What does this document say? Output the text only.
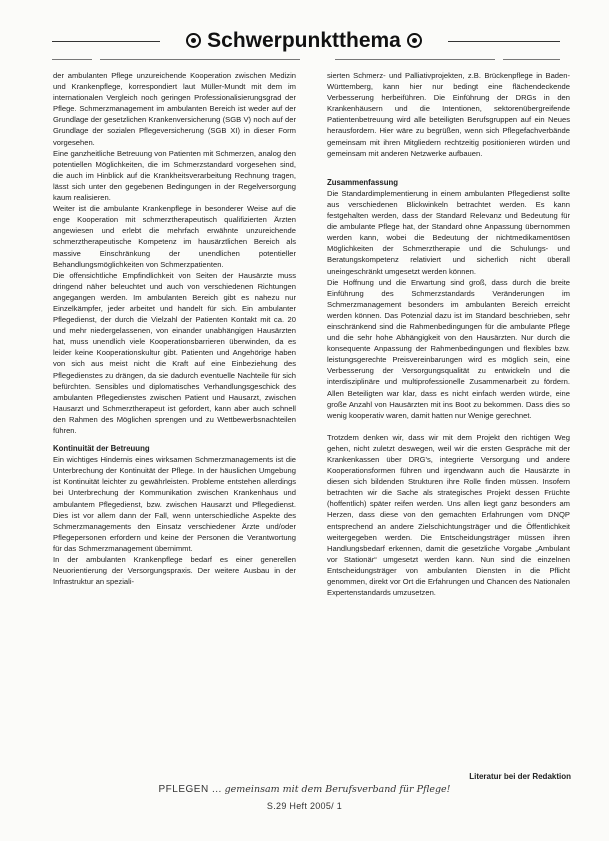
Schwerpunktthema

der ambulanten Pflege unzureichende Kooperation zwischen Medizin und Krankenpflege, korrespondiert laut Müller-Mundt mit dem im internationalen Vergleich noch geringen Professionalisierungsgrad der Pflege. Schmerzmanagement im ambulanten Bereich ist weder auf der Grundlage der gesetzlichen Krankenversicherung (SGB V) noch auf der Grundlage der sozialen Pflegeversicherung (SGB XI) in dieser Form vorgesehen.

Eine ganzheitliche Betreuung von Patienten mit Schmerzen, analog den potentiellen Möglichkeiten, die im Schmerzstandard vorgesehen sind, die auch im Hinblick auf die Krankheitsverarbeitung Rechnung tragen, lässt sich unter den gegebenen Bedingungen in der Regelversorgung kaum realisieren.

Weiter ist die ambulante Krankenpflege in besonderer Weise auf die enge Kooperation mit schmerztherapeutisch qualifizierten Ärzten angewiesen und erlebt die mehrfach erwähnte unzureichende schmerztherapeutische Kompetenz im hausärztlichen Bereich als massive Einschränkung der unendlichen potentieller Behandlungsmöglichkeiten von Schmerzpatienten.

Die offensichtliche Empfindlichkeit von Seiten der Hausärzte muss dringend näher beleuchtet und auch von verschiedenen Richtungen angegangen werden. Im ambulanten Bereich gibt es nahezu nur Einzelkämpfer, jeder arbeitet und handelt für sich. Ein ambulanter Pflegedienst, der durch die Vielzahl der Patienten Kontakt mit ca. 20 und mehr niedergelassenen, von einander unabhängigen Hausärzten hat, muss unendlich viele Kooperationsbarrieren überwinden, da es leider keine Kooperationskultur gibt. Patienten und Angehörige haben von sich aus meist nicht die Kraft auf eine Einbeziehung des Pflegedienstes zu drängen, da sie dadurch eventuelle Nachteile für sich befürchten. Sensibles und diplomatisches Verhandlungsgeschick des ambulanten Pflegedienstes zwischen Patient und Hausarzt, zwischen Hausarzt und Schmerztherapeut ist gefordert, kann aber auch schnell den Rahmen des Möglichen sprengen und zu Wettbewerbsnachteilen führen.

Kontinuität der Betreuung

Ein wichtiges Hindernis eines wirksamen Schmerzmanagements ist die Unterbrechung der Kontinuität der Pflege. In der häuslichen Umgebung ist Kontinuität leichter zu gewährleisten. Probleme entstehen allerdings bei Unterbrechung der Kommunikation zwischen Krankenhaus und ambulantem Pflegedienst, bzw. zwischen Hausarzt und Pflegedienst. Dies ist vor allem dann der Fall, wenn unterschiedliche Aspekte des Schmerzmanagements den Einsatz verschiedener Ärzte und/oder Pflegepersonen erfordern und keine der Personen die Verantwortung für das Schmerzmanagement übernimmt.

In der ambulanten Krankenpflege bedarf es einer generellen Neuorientierung der Versorgungspraxis. Der weitere Ausbau in der Infrastruktur an speziali-

sierten Schmerz- und Palliativprojekten, z.B. Brückenpflege in Baden-Württemberg, kann hier nur bedingt eine flächendeckende Verbesserung herbeiführen. Die Einführung der DRGs in den Krankenhäusern und die Intentionen, sektorenübergreifende Patientenbetreuung wird alle beteiligten Berufsgruppen auf ein Neues herausfordern. Hier wäre zu begrüßen, wenn sich Pflegefachverbände gemeinsam mit ihren Mitgliedern rechtzeitig positionieren würden und gemeinsam mit anderen Netzwerke aufbauen.

Zusammenfassung

Die Standardimplementierung in einem ambulanten Pflegedienst sollte aus verschiedenen Blickwinkeln betrachtet werden. Es kann festgehalten werden, dass der Standard Relevanz und Bedeutung für die ambulante Pflege hat, der Standard ohne Anpassung übernommen werden kann, wobei die Bedeutung der nichtmedikamentösen Möglichkeiten der Schmerztherapie und die Schulungs- und Beratungskompetenz relativiert und sicherlich nicht überall uneingeschränkt umgesetzt werden können.

Die Hoffnung und die Erwartung sind groß, dass durch die breite Einführung des Schmerzstandards Veränderungen im Schmerzmanagement besonders im ambulanten Bereich erreicht werden können. Das Potenzial dazu ist im Standard beschrieben, sehr einschränkend sind die Rahmenbedingungen für die ambulante Pflege und die sehr hohe Abhängigkeit von den Hausärzten. Nur durch die konsequente Anpassung der Rahmenbedingungen und flexibles bzw. leistungsgerechte Preisvereinbarungen wird es möglich sein, eine Verbesserung der Versorgungsqualität zu entwickeln und die interdisziplinäre und multiprofessionelle Zusammenarbeit zu fördern. Allen Beteiligten war klar, dass es nicht einfach werden würde, eine große Anzahl von Hausärzten mit ins Boot zu bekommen. Dass dies so wenig kooperativ waren, damit hatten nur Wenige gerechnet.

Trotzdem denken wir, dass wir mit dem Projekt den richtigen Weg gehen, nicht zuletzt deswegen, weil wir die ersten Gespräche mit der Krankenkassen über DRG's, integrierte Versorgung und andere Kooperationsformen führen und irgendwann auch die Hausärzte in diesen sich bildenden Strukturen ihre Rolle finden müssen. Insofern betrachten wir die Sache als strategisches Projekt dessen Früchte (hoffentlich) später reifen werden. Uns allen liegt ganz besonders am Herzen, dass diese von den gemachten Erfahrungen vom DNQP entsprechend an andere Zielschichtungsträger und die Öffentlichkeit weitergegeben werden. Die Entscheidungsträger müssen ihren Handlungsbedarf erkennen, damit die gesetzliche Vorgabe „Ambulant vor Stationär“ umgesetzt werden kann. Nun sind die einzelnen Entscheidungsträger von ambulanten Diensten in die Pflicht genommen, direkt vor Ort die Erfahrungen und Chancen des Nationalen Expertenstandards umzusetzen.

Literatur bei der Redaktion
PFLEGEN ... gemeinsam mit dem Berufsverband für Pflege!
S.29 Heft 2005/ 1
